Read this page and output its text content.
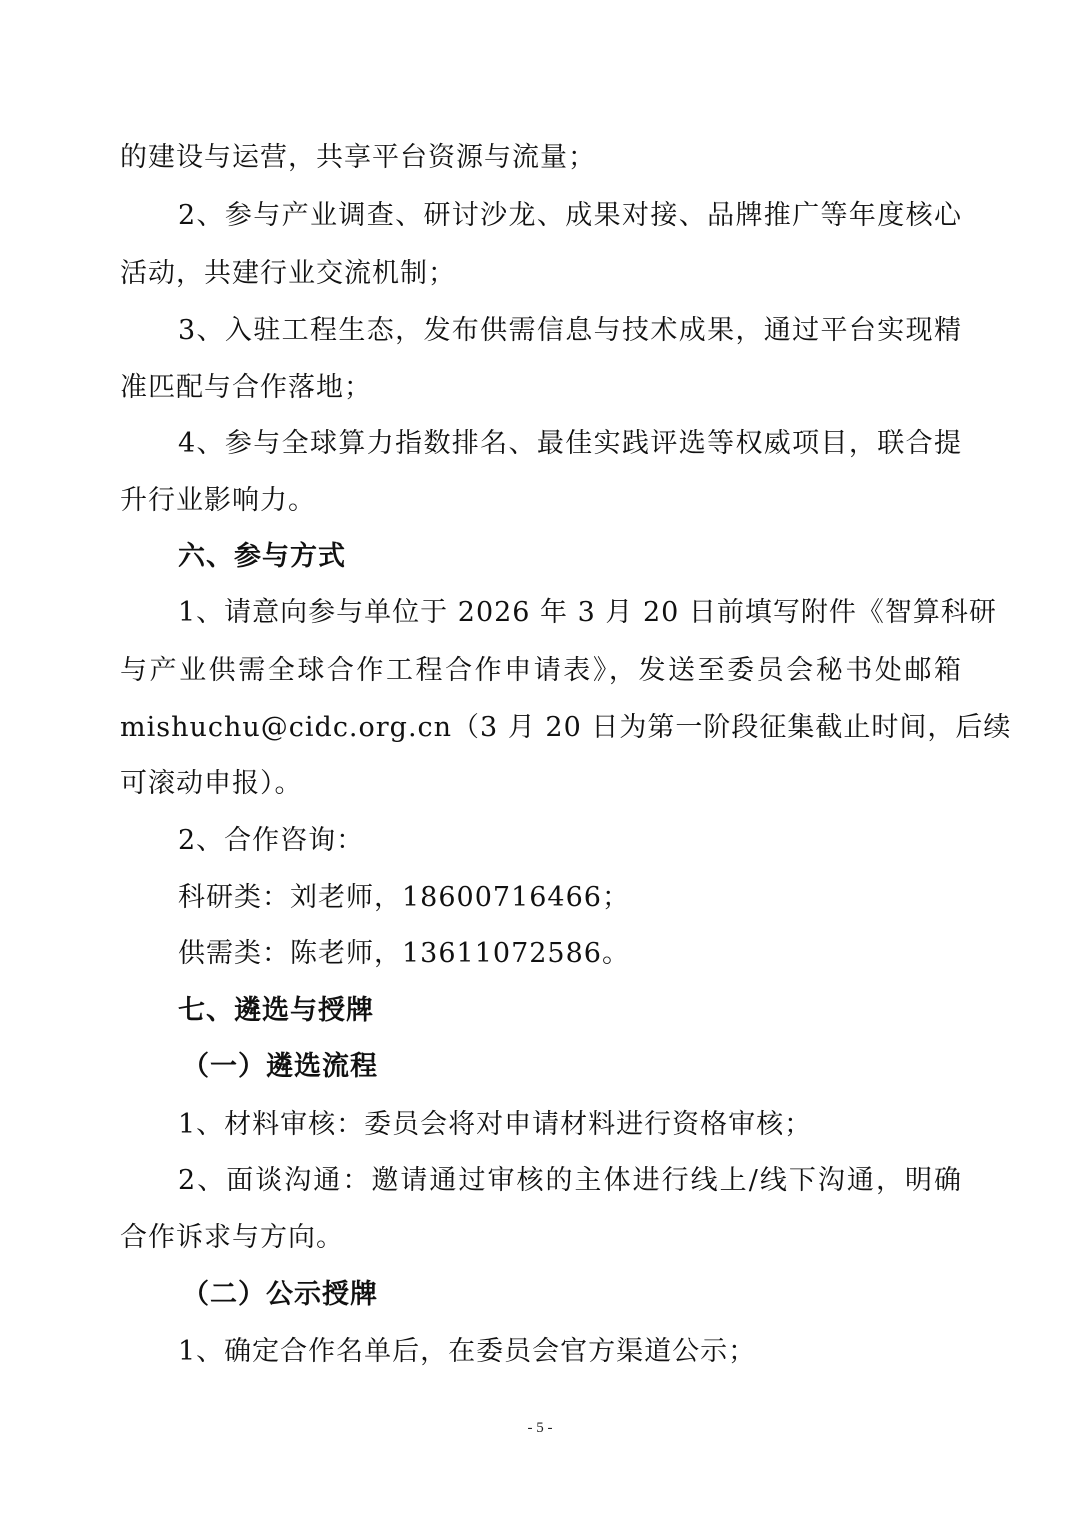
的建设与运营，共享平台资源与流量；
2、参与产业调查、研讨沙龙、成果对接、品牌推广等年度核心
活动，共建行业交流机制；
3、入驻工程生态，发布供需信息与技术成果，通过平台实现精
准匹配与合作落地；
4、参与全球算力指数排名、最佳实践评选等权威项目，联合提
升行业影响力。
六、参与方式
1、请意向参与单位于 2026 年 3 月 20 日前填写附件《智算科研
与产业供需全球合作工程合作申请表》，发送至委员会秘书处邮箱
mishuchu@cidc.org.cn（3 月 20 日为第一阶段征集截止时间，后续
可滚动申报）。
2、合作咨询：
科研类：刘老师，18600716466；
供需类：陈老师，13611072586。
七、遴选与授牌
（一）遴选流程
1、材料审核：委员会将对申请材料进行资格审核；
2、面谈沟通：邀请通过审核的主体进行线上/线下沟通，明确
合作诉求与方向。
（二）公示授牌
1、确定合作名单后，在委员会官方渠道公示；
- 5 -
